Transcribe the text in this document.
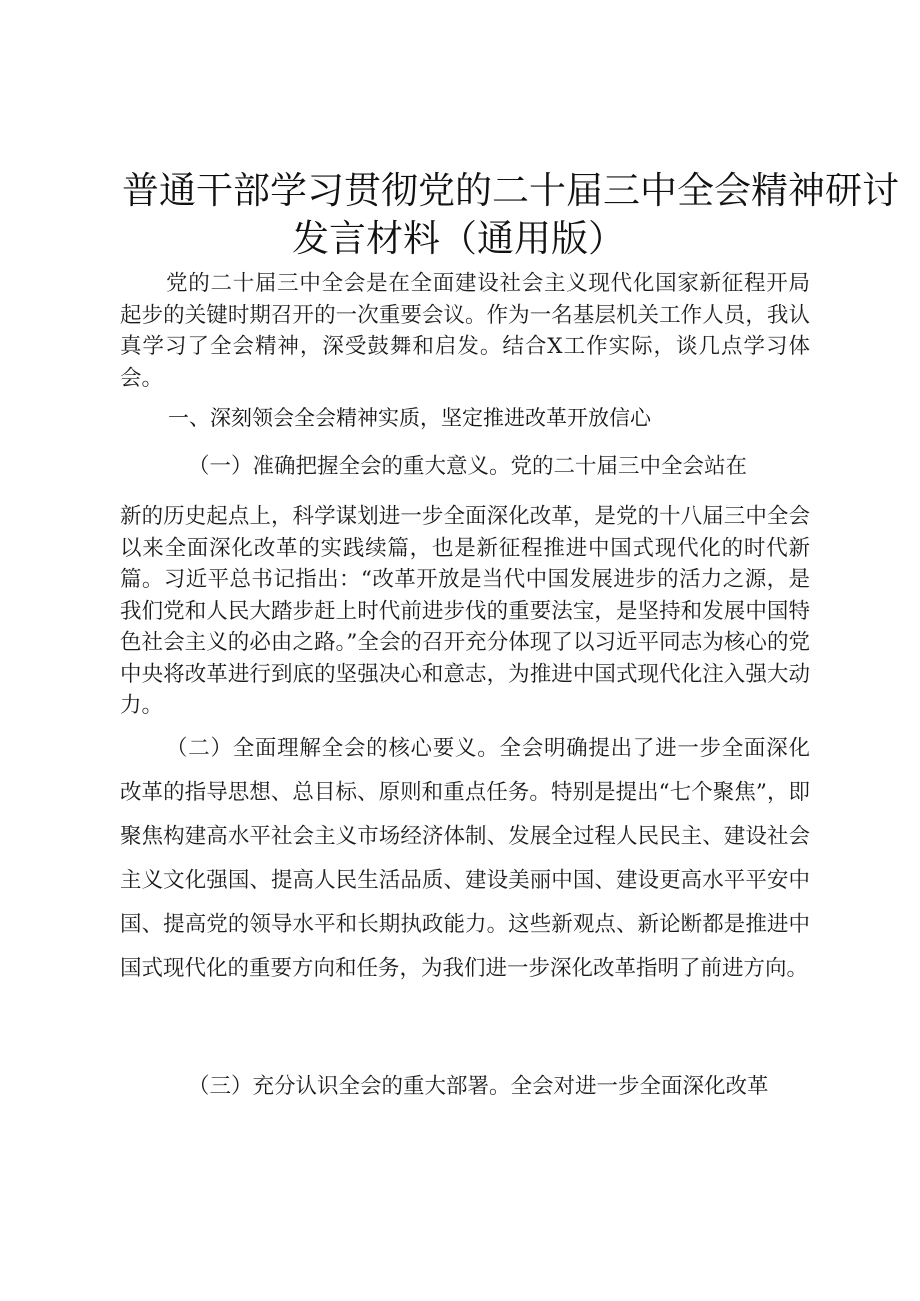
普通干部学习贯彻党的二十届三中全会精神研讨
发言材料（通用版）
党的二十届三中全会是在全面建设社会主义现代化国家新征程开局起步的关键时期召开的一次重要会议。作为一名基层机关工作人员，我认真学习了全会精神，深受鼓舞和启发。结合X工作实际，谈几点学习体会。
一、深刻领会全会精神实质，坚定推进改革开放信心
（一）准确把握全会的重大意义。党的二十届三中全会站在
新的历史起点上，科学谋划进一步全面深化改革，是党的十八届三中全会以来全面深化改革的实践续篇，也是新征程推进中国式现代化的时代新篇。习近平总书记指出：“改革开放是当代中国发展进步的活力之源，是我们党和人民大踏步赶上时代前进步伐的重要法宝，是坚持和发展中国特色社会主义的必由之路。”全会的召开充分体现了以习近平同志为核心的党中央将改革进行到底的坚强决心和意志，为推进中国式现代化注入强大动力。
（二）全面理解全会的核心要义。全会明确提出了进一步全面深化改革的指导思想、总目标、原则和重点任务。特别是提出“七个聚焦”，即聚焦构建高水平社会主义市场经济体制、发展全过程人民民主、建设社会主义文化强国、提高人民生活品质、建设美丽中国、建设更高水平平安中国、提高党的领导水平和长期执政能力。这些新观点、新论断都是推进中国式现代化的重要方向和任务，为我们进一步深化改革指明了前进方向。
（三）充分认识全会的重大部署。全会对进一步全面深化改革
